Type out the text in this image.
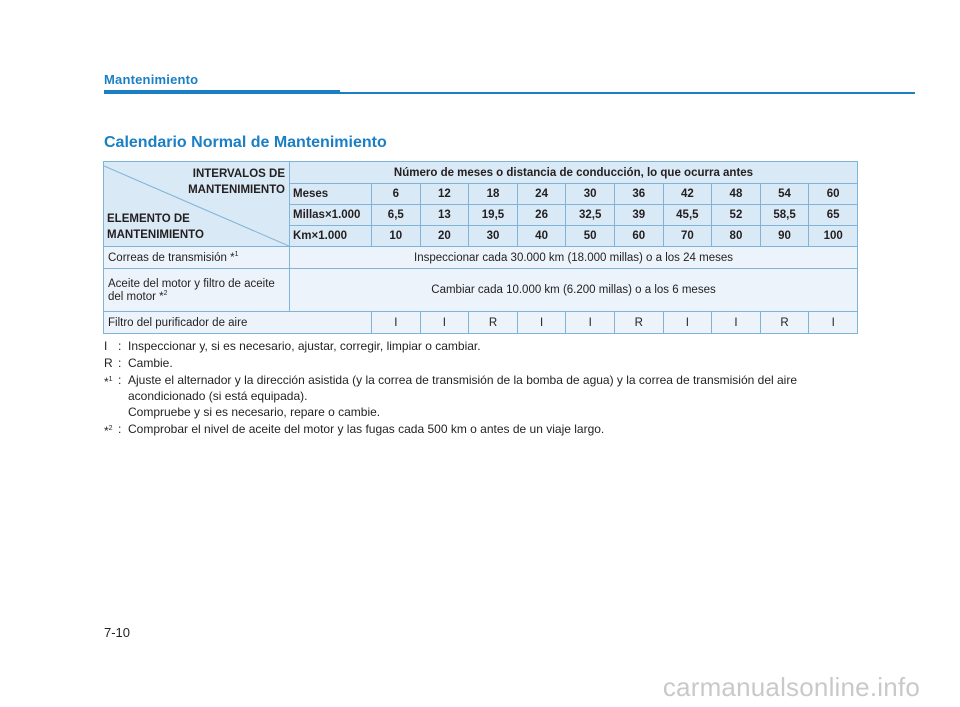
Mantenimiento
Calendario Normal de Mantenimiento
INTERVALOS DE
MANTENIMIENTO
ELEMENTO DE
MANTENIMIENTO	Número de meses o distancia de conducción, lo que ocurra antes										
	Meses	6	12	18	24	30	36	42	48	54	60
	Millas×1.000	6,5	13	19,5	26	32,5	39	45,5	52	58,5	65
	Km×1.000	10	20	30	40	50	60	70	80	90	100
Correas de transmisión *$^1$	Inspeccionar cada 30.000 km (18.000 millas) o a los 24 meses										
Aceite del motor y filtro de aceite del motor *$^2$	Cambiar cada 10.000 km (6.200 millas) o a los 6 meses										
Filtro del purificador de aire		I	I	R	I	I	R	I	I	R	I
I : Inspeccionar y, si es necesario, ajustar, corregir, limpiar o cambiar.
R : Cambie.
*$^1$ : Ajuste el alternador y la dirección asistida (y la correa de transmisión de la bomba de agua) y la correa de transmisión del aire acondicionado (si está equipada).
Compruebe y si es necesario, repare o cambie.
*$^2$ : Comprobar el nivel de aceite del motor y las fugas cada 500 km o antes de un viaje largo.
7-10
carmanualsonline.info
